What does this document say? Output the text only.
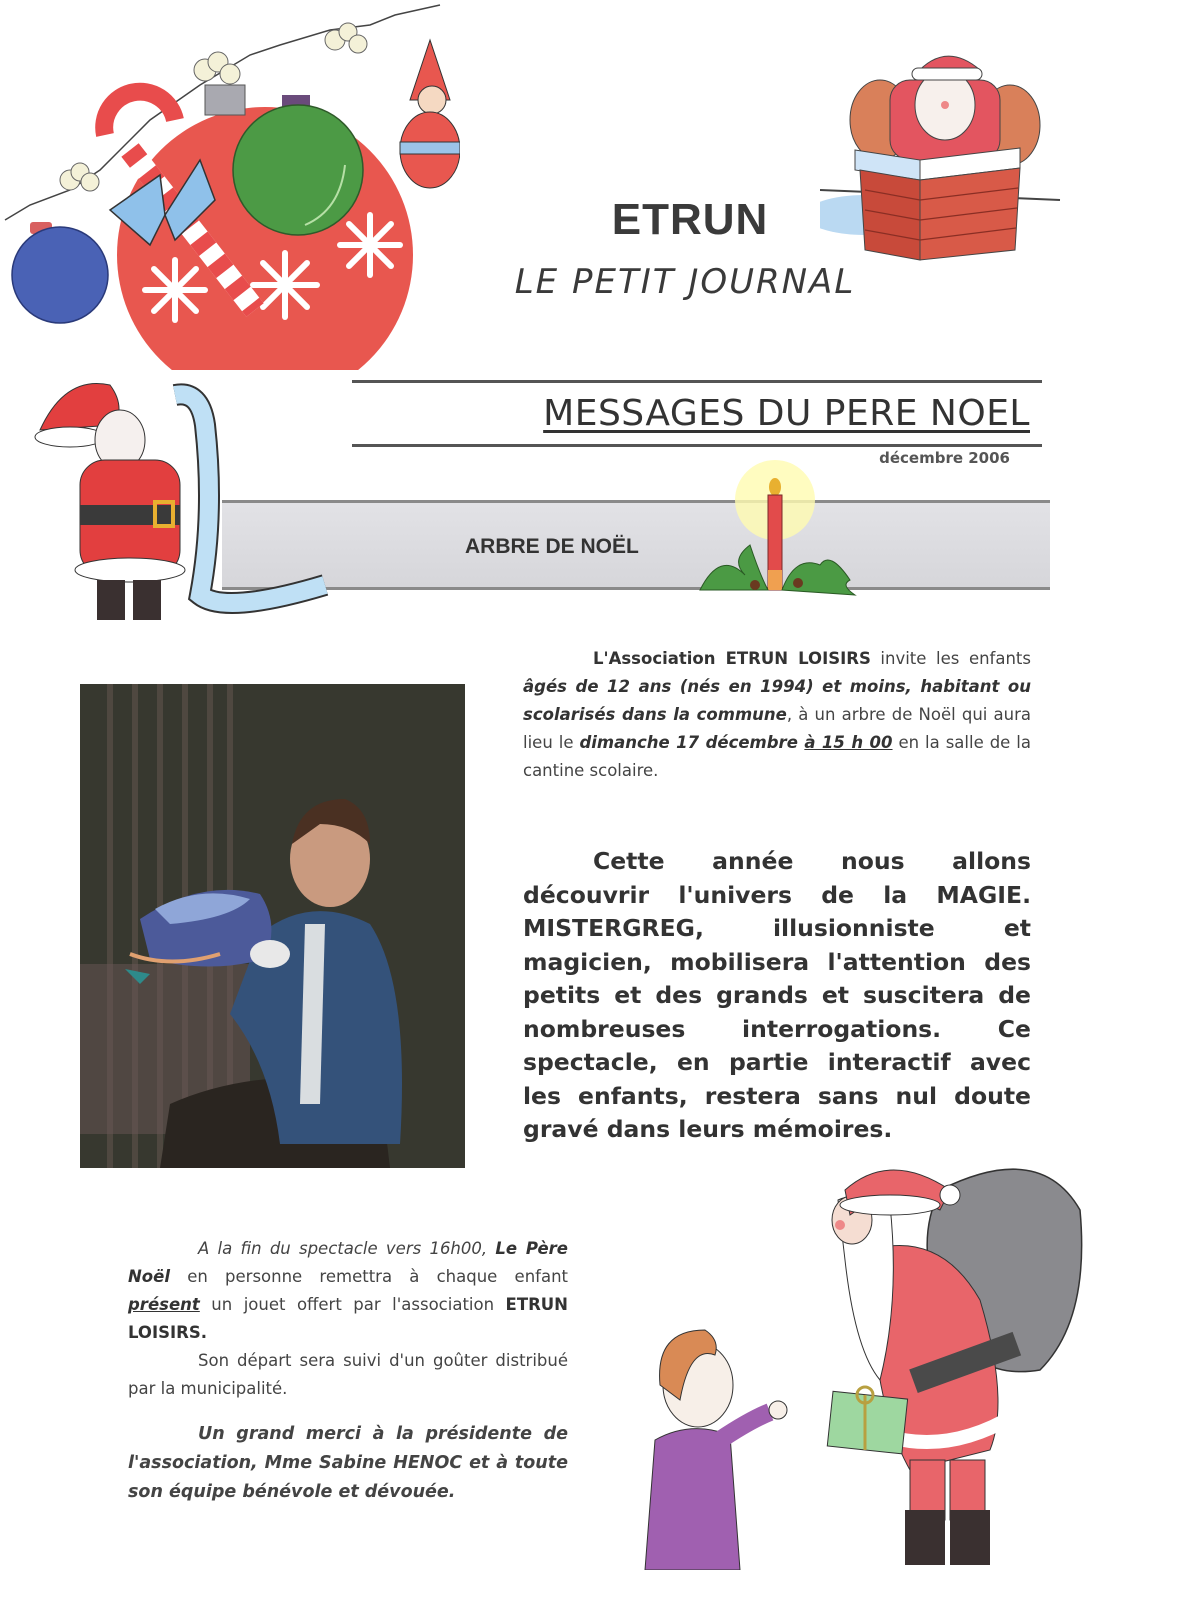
ETRUN
LE PETIT JOURNAL
MESSAGES DU PERE NOEL
décembre 2006
ARBRE DE NOËL
L'Association ETRUN LOISIRS invite les enfants âgés de 12 ans (nés en 1994) et moins, habitant ou scolarisés dans la commune, à un arbre de Noël qui aura lieu le dimanche 17 décembre à 15 h 00 en la salle de la cantine scolaire.
Cette année nous allons découvrir l'univers de la MAGIE. MISTERGREG, illusionniste et magicien, mobilisera l'attention des petits et des grands et suscitera de nombreuses interrogations. Ce spectacle, en partie interactif avec les enfants, restera sans nul doute gravé dans leurs mémoires.
A la fin du spectacle vers 16h00, Le Père Noël en personne remettra à chaque enfant présent un jouet offert par l'association ETRUN LOISIRS.
Son départ sera suivi d'un goûter distribué par la municipalité.
Un grand merci à la présidente de l'association, Mme Sabine HENOC et à toute son équipe bénévole et dévouée.
